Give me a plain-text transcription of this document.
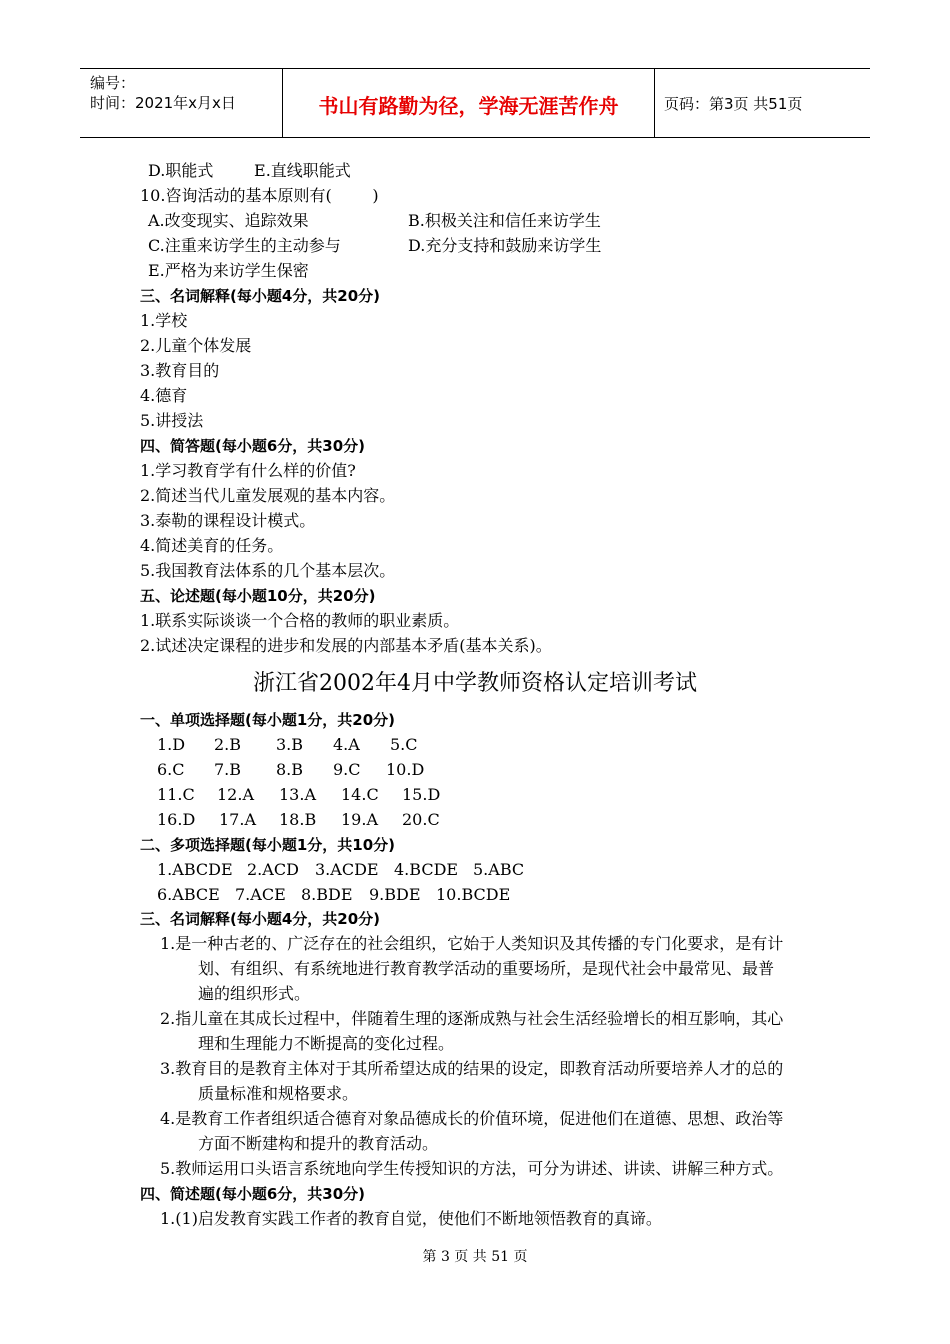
编号：
时间：2021年x月x日	书山有路勤为径，学海无涯苦作舟	页码：第3页 共51页
D.职能式        E.直线职能式
10.咨询活动的基本原则有(        )
A.改变现实、追踪效果	B.积极关注和信任来访学生
C.注重来访学生的主动参与	D.充分支持和鼓励来访学生
E.严格为来访学生保密
三、名词解释(每小题4分，共20分)
1.学校
2.儿童个体发展
3.教育目的
4.德育
5.讲授法
四、简答题(每小题6分，共30分)
1.学习教育学有什么样的价值?
2.简述当代儿童发展观的基本内容。
3.泰勒的课程设计模式。
4.简述美育的任务。
5.我国教育法体系的几个基本层次。
五、论述题(每小题10分，共20分)
1.联系实际谈谈一个合格的教师的职业素质。
2.试述决定课程的进步和发展的内部基本矛盾(基本关系)。
浙江省2002年4月中学教师资格认定培训考试
一、单项选择题(每小题1分，共20分)
1.D 2.B 3.B 4.A 5.C
6.C 7.B 8.B 9.C 10.D
11.C 12.A 13.A 14.C 15.D
16.D 17.A 18.B 19.A 20.C
二、多项选择题(每小题1分，共10分)
1.ABCDE 2.ACD 3.ACDE 4.BCDE 5.ABC
6.ABCE 7.ACE 8.BDE 9.BDE 10.BCDE
三、名词解释(每小题4分，共20分)
1.是一种古老的、广泛存在的社会组织，它始于人类知识及其传播的专门化要求，是有计
划、有组织、有系统地进行教育教学活动的重要场所，是现代社会中最常见、最普
遍的组织形式。
2.指儿童在其成长过程中，伴随着生理的逐渐成熟与社会生活经验增长的相互影响，其心
理和生理能力不断提高的变化过程。
3.教育目的是教育主体对于其所希望达成的结果的设定，即教育活动所要培养人才的总的
质量标准和规格要求。
4.是教育工作者组织适合德育对象品德成长的价值环境，促进他们在道德、思想、政治等
方面不断建构和提升的教育活动。
5.教师运用口头语言系统地向学生传授知识的方法，可分为讲述、讲读、讲解三种方式。
四、简述题(每小题6分，共30分)
1.(1)启发教育实践工作者的教育自觉，使他们不断地领悟教育的真谛。
第 3 页 共 51 页
